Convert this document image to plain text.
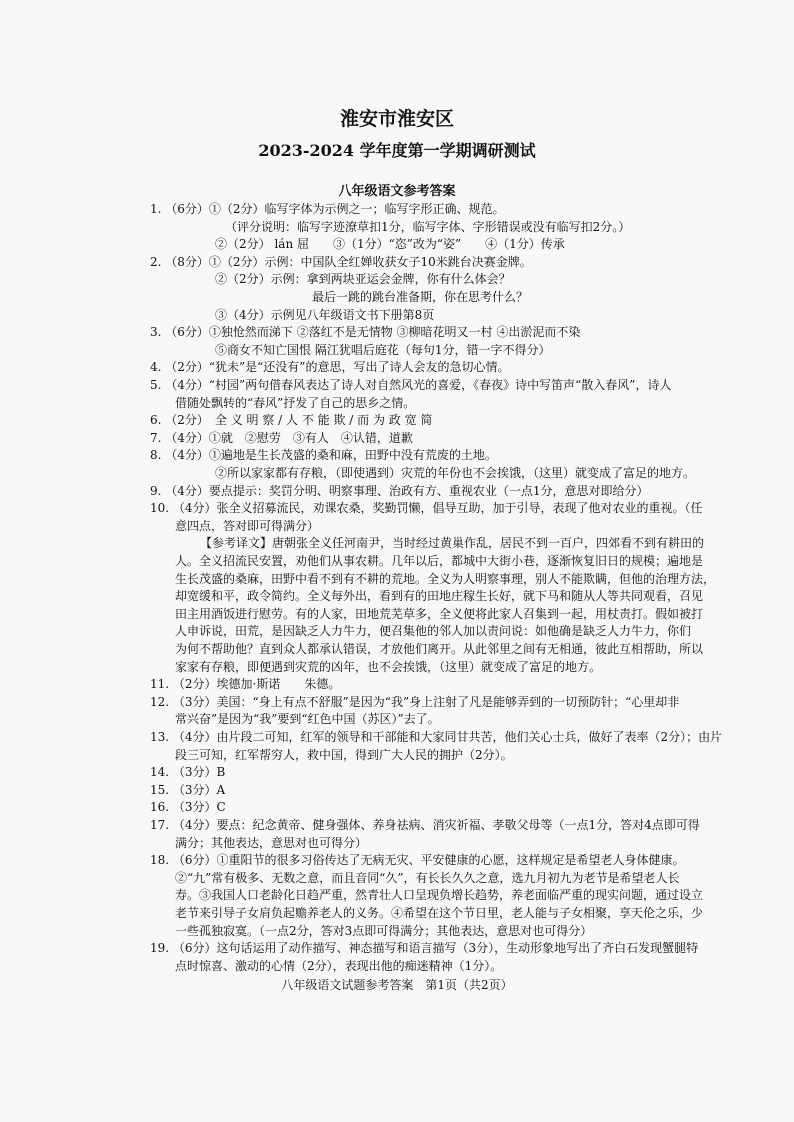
淮安市淮安区
2023-2024 学年度第一学期调研测试
八年级语文参考答案
1. （6分）①（2分）临写字体为示例之一；临写字形正确、规范。
（评分说明：临写字迹潦草扣1分，临写字体、字形错误或没有临写扣2分。）
②（2分） lán 屈　　③（1分）“恣”改为“姿”　　④（1分）传承
2. （8分）①（2分）示例：中国队全红婵收获女子10米跳台决赛金牌。
②（2分）示例：拿到两块亚运会金牌，你有什么体会？
最后一跳的跳台准备期，你在思考什么？
③（4分）示例见八年级语文书下册第8页
3. （6分）①独怆然而涕下 ②落红不是无情物 ③柳暗花明又一村 ④出淤泥而不染
⑤商女不知亡国恨 隔江犹唱后庭花（每句1分，错一字不得分）
4. （2分）“犹未”是“还没有”的意思，写出了诗人会友的急切心情。
5. （4分）“村园”两句借春风表达了诗人对自然风光的喜爱，《春夜》诗中写笛声“散入春风”，诗人
借随处飘转的“春风”抒发了自己的思乡之情。
6. （2分）　全 义 明 察 / 人 不 能 欺 / 而 为 政 宽 简
7. （4分）①就　②慰劳　③有人　④认错，道歉
8. （4分）①遍地是生长茂盛的桑和麻，田野中没有荒废的土地。
②所以家家都有存粮，（即使遇到）灾荒的年份也不会挨饿，（这里）就变成了富足的地方。
9. （4分）要点提示：奖罚分明、明察事理、治政有方、重视农业（一点1分，意思对即给分）
10. （4分）张全义招募流民，劝课农桑，奖勤罚懒，倡导互助，加于引导，表现了他对农业的重视。（任
意四点，答对即可得满分）
【参考译文】唐朝张全义任河南尹，当时经过黄巢作乱，居民不到一百户，四郊看不到有耕田的
人。全义招流民安置，劝他们从事农耕。几年以后，都城中大街小巷，逐渐恢复旧日的规模；遍地是
生长茂盛的桑麻，田野中看不到有不耕的荒地。全义为人明察事理，别人不能欺瞒，但他的治理方法，
却宽缓和平，政令简约。全义每外出，看到有的田地庄稼生长好，就下马和随从人等共同观看，召见
田主用酒饭进行慰劳。有的人家，田地荒芜草多，全义便将此家人召集到一起，用杖责打。假如被打
人申诉说，田荒，是因缺乏人力牛力，便召集他的邻人加以责问说：如他确是缺乏人力牛力，你们
为何不帮助他？直到众人都承认错误，才放他们离开。从此邻里之间有无相通，彼此互相帮助，所以
家家有存粮，即便遇到灾荒的凶年，也不会挨饿，（这里）就变成了富足的地方。
11. （2分）埃德加·斯诺　　朱德。
12. （3分）美国：“身上有点不舒服”是因为“我”身上注射了凡是能够弄到的一切预防针；“心里却非
常兴奋”是因为“我”要到“红色中国（苏区）”去了。
13. （4分）由片段二可知，红军的领导和干部能和大家同甘共苦，他们关心士兵，做好了表率（2分）；由片
段三可知，红军帮穷人，救中国，得到广大人民的拥护（2分）。
14. （3分）B
15. （3分）A
16. （3分）C
17. （4分）要点：纪念黄帝、健身强体、养身祛病、消灾祈福、孝敬父母等（一点1分，答对4点即可得
满分；其他表达，意思对也可得分）
18. （6分）①重阳节的很多习俗传达了无病无灾、平安健康的心愿，这样规定是希望老人身体健康。
②“九”常有极多、无数之意，而且音同“久”，有长长久久之意，选九月初九为老节是希望老人长
寿。③我国人口老龄化日趋严重，然青壮人口呈现负增长趋势，养老面临严重的现实问题，通过设立
老节来引导子女肩负起赡养老人的义务。④希望在这个节日里，老人能与子女相聚，享天伦之乐，少
一些孤独寂寞。（一点2分，答对3点即可得满分；其他表达，意思对也可得分）
19. （6分）这句话运用了动作描写、神态描写和语言描写（3分），生动形象地写出了齐白石发现蟹腿特
点时惊喜、激动的心情（2分），表现出他的痴迷精神（1分）。
八年级语文试题参考答案　第1页（共2页）
